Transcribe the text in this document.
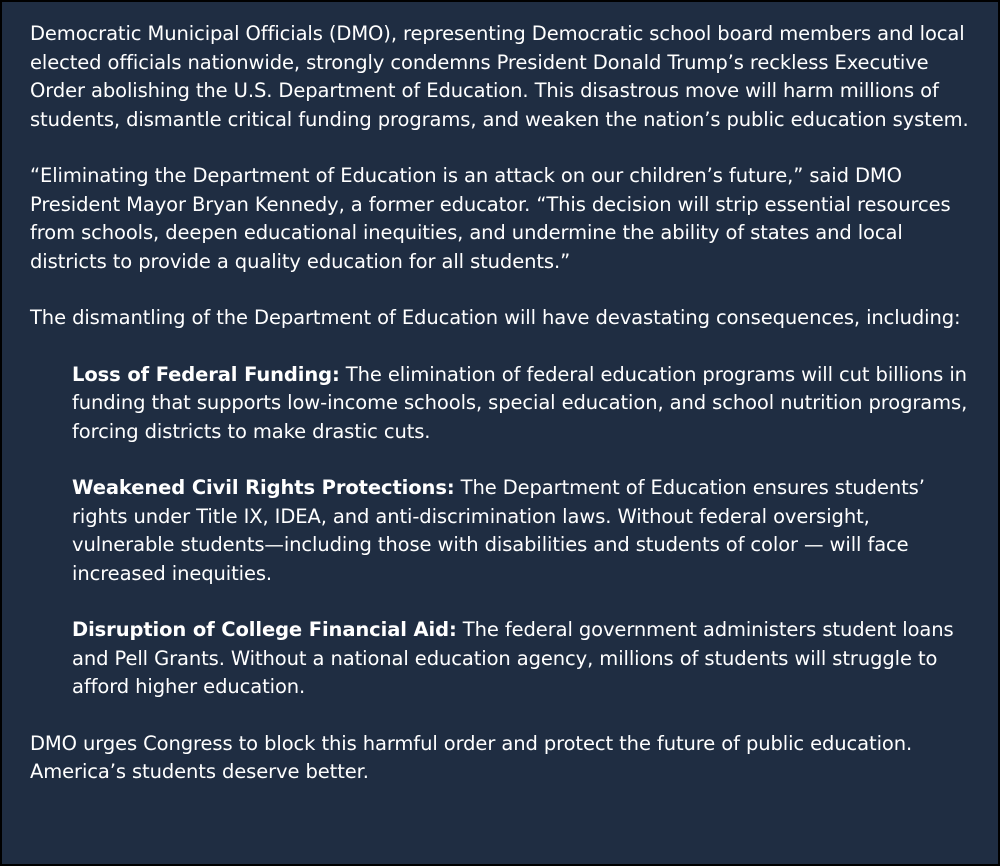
Democratic Municipal Officials (DMO), representing Democratic school board members and local elected officials nationwide, strongly condemns President Donald Trump’s reckless Executive Order abolishing the U.S. Department of Education. This disastrous move will harm millions of students, dismantle critical funding programs, and weaken the nation’s public education system.

“Eliminating the Department of Education is an attack on our children’s future,” said DMO President Mayor Bryan Kennedy, a former educator. “This decision will strip essential resources from schools, deepen educational inequities, and undermine the ability of states and local districts to provide a quality education for all students.”

The dismantling of the Department of Education will have devastating consequences, including:

Loss of Federal Funding: The elimination of federal education programs will cut billions in funding that supports low-income schools, special education, and school nutrition programs, forcing districts to make drastic cuts.

Weakened Civil Rights Protections: The Department of Education ensures students’ rights under Title IX, IDEA, and anti-discrimination laws. Without federal oversight, vulnerable students—including those with disabilities and students of color — will face increased inequities.

Disruption of College Financial Aid: The federal government administers student loans and Pell Grants. Without a national education agency, millions of students will struggle to afford higher education.

DMO urges Congress to block this harmful order and protect the future of public education. America’s students deserve better.
